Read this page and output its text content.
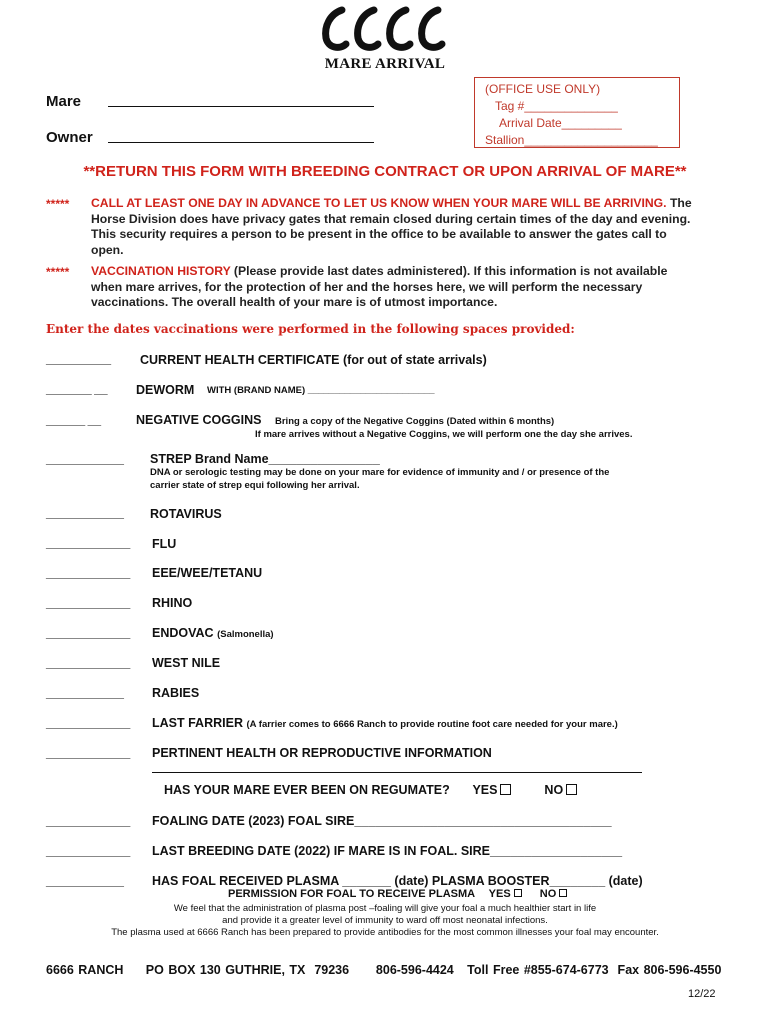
MARE ARRIVAL
Mare
Owner
(OFFICE USE ONLY)
Tag #______________
Arrival Date_________
Stallion____________________
**RETURN THIS FORM WITH BREEDING CONTRACT OR UPON ARRIVAL OF MARE**
***** CALL AT LEAST ONE DAY IN ADVANCE TO LET US KNOW WHEN YOUR MARE WILL BE ARRIVING. The
Horse Division does have privacy gates that remain closed during certain times of the day and evening.
This security requires a person to be present in the office to be available to answer the gates call to
open.
***** VACCINATION HISTORY (Please provide last dates administered). If this information is not available
when mare arrives, for the protection of her and the horses here, we will perform the necessary
vaccinations. The overall health of your mare is of utmost importance.
Enter the dates vaccinations were performed in the following spaces provided:
__________ CURRENT HEALTH CERTIFICATE (for out of state arrivals)
_______ __ DEWORM WITH (BRAND NAME) ________________________
______ __	NEGATIVE COGGINS Bring a copy of the Negative Coggins (Dated within 6 months)
If mare arrives without a Negative Coggins, we will perform one the day she arrives.
____________ STREP Brand Name________________
DNA or serologic testing may be done on your mare for evidence of immunity and / or presence of the
carrier state of strep equi following her arrival.
____________ ROTAVIRUS
_____________ FLU
_____________ EEE/WEE/TETANU
_____________ RHINO
_____________ ENDOVAC (Salmonella)
_____________ WEST NILE
____________ RABIES
_____________ LAST FARRIER (A farrier comes to 6666 Ranch to provide routine foot care needed for your mare.)
_____________ PERTINENT HEALTH OR REPRODUCTIVE INFORMATION
HAS YOUR MARE EVER BEEN ON REGUMATE? YES	NO
_____________ FOALING DATE (2023) FOAL SIRE_____________________________________
_____________ LAST BREEDING DATE (2022) IF MARE IS IN FOAL. SIRE___________________
____________ HAS FOAL RECEIVED PLASMA _______ (date) PLASMA BOOSTER________ (date)
PERMISSION FOR FOAL TO RECEIVE PLASMA YES	NO
We feel that the administration of plasma post –foaling will give your foal a much healthier start in life
and provide it a greater level of immunity to ward off most neonatal infections.
The plasma used at 6666 Ranch has been prepared to provide antibodies for the most common illnesses your foal may encounter.
6666 RANCH     PO BOX 130 GUTHRIE, TX  79236      806-596-4424   Toll Free #855-674-6773  Fax 806-596-4550
12/22
